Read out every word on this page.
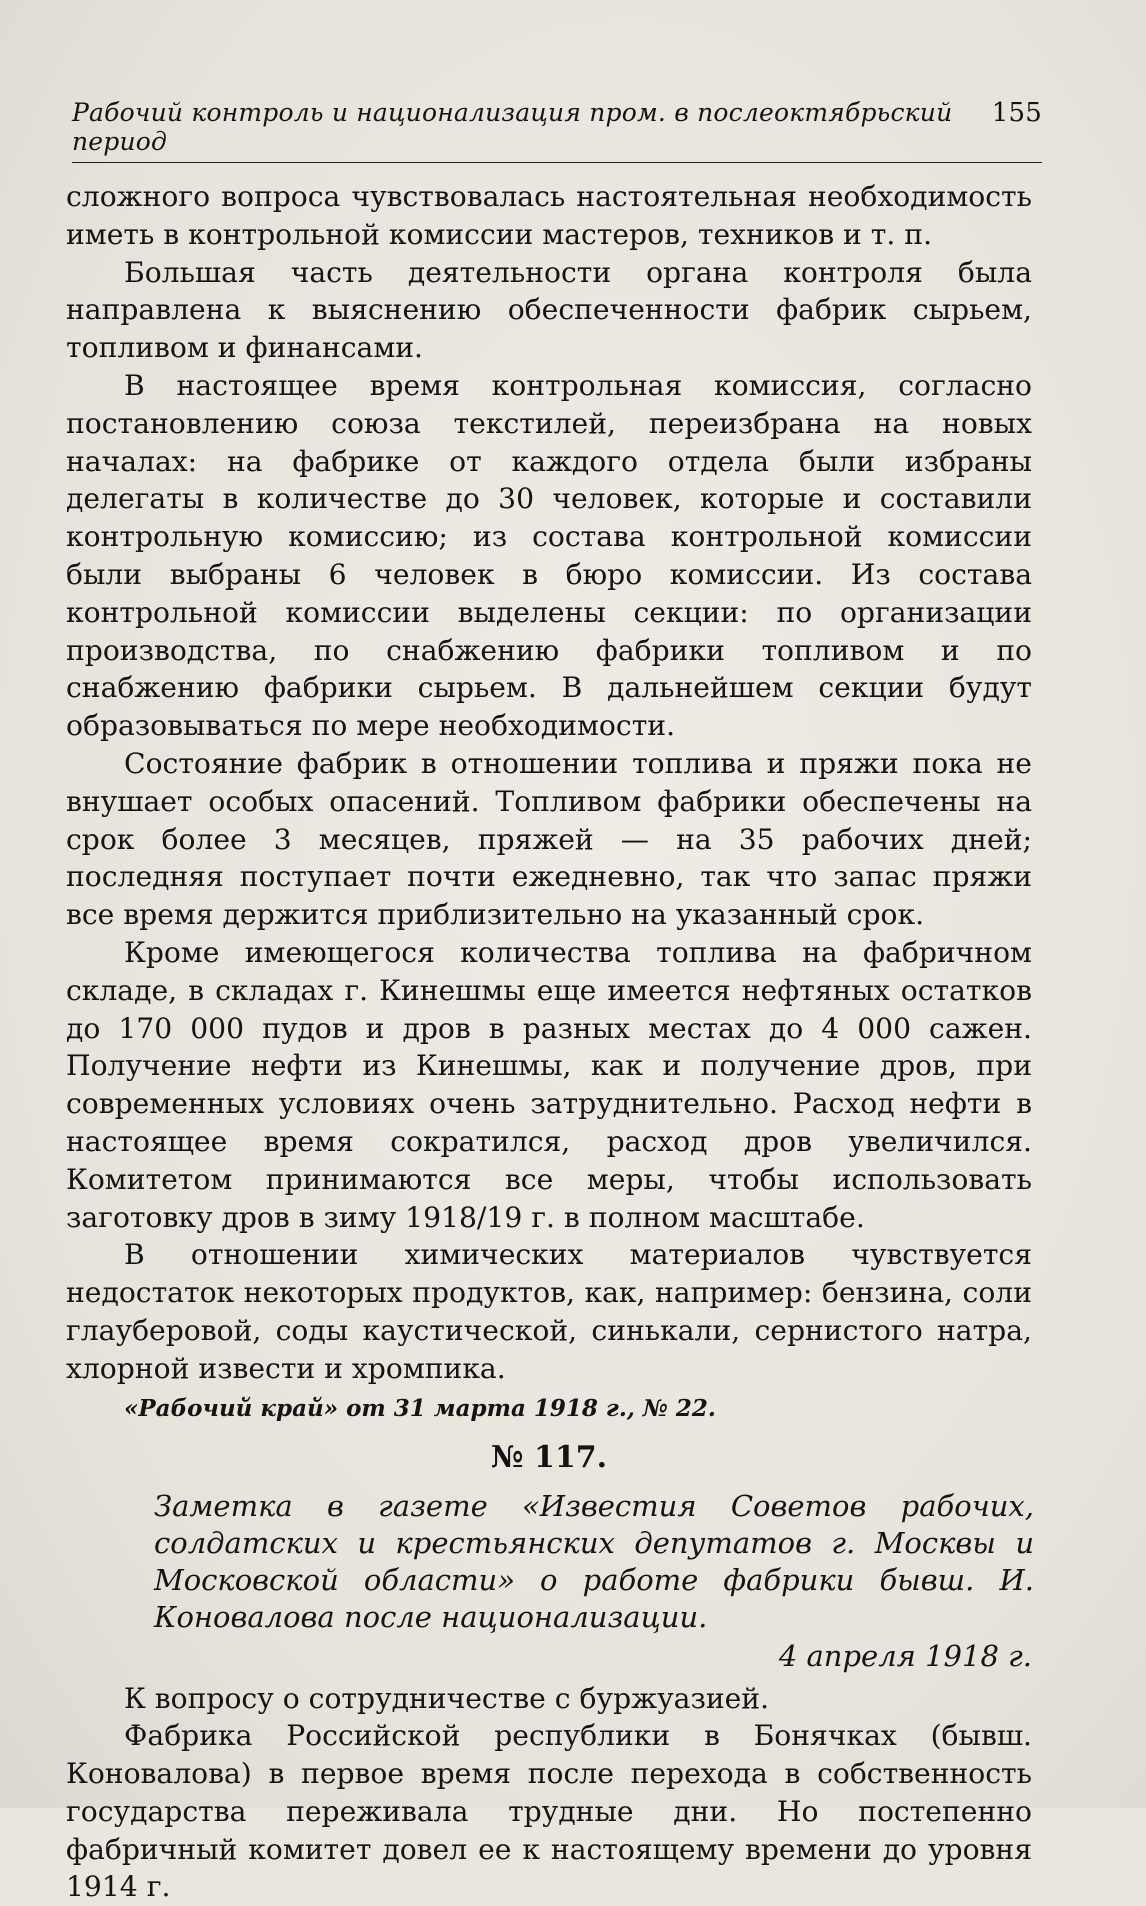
Рабочий контроль и национализация пром. в послеоктябрьский период
155

сложного вопроса чувствовалась настоятельная необходимость иметь в контрольной комиссии мастеров, техников и т. п.

Большая часть деятельности органа контроля была направлена к выяснению обеспеченности фабрик сырьем, топливом и финансами.

В настоящее время контрольная комиссия, согласно постановлению союза текстилей, переизбрана на новых началах: на фабрике от каждого отдела были избраны делегаты в количестве до 30 человек, которые и составили контрольную комиссию; из состава контрольной комиссии были выбраны 6 человек в бюро комиссии. Из состава контрольной комиссии выделены секции: по организации производства, по снабжению фабрики топливом и по снабжению фабрики сырьем. В дальнейшем секции будут образовываться по мере необходимости.

Состояние фабрик в отношении топлива и пряжи пока не внушает особых опасений. Топливом фабрики обеспечены на срок более 3 месяцев, пряжей — на 35 рабочих дней; последняя поступает почти ежедневно, так что запас пряжи все время держится приблизительно на указанный срок.

Кроме имеющегося количества топлива на фабричном складе, в складах г. Кинешмы еще имеется нефтяных остатков до 170 000 пудов и дров в разных местах до 4 000 сажен. Получение нефти из Кинешмы, как и получение дров, при современных условиях очень затруднительно. Расход нефти в настоящее время сократился, расход дров увеличился. Комитетом принимаются все меры, чтобы использовать заготовку дров в зиму 1918/19 г. в полном масштабе.

В отношении химических материалов чувствуется недостаток некоторых продуктов, как, например: бензина, соли глауберовой, соды каустической, синькали, сернистого натра, хлорной извести и хромпика.

«Рабочий край» от 31 марта 1918 г., № 22.
№ 117.
Заметка в газете «Известия Советов рабочих, солдатских и крестьянских депутатов г. Москвы и Московской области» о работе фабрики бывш. И. Коновалова после национализации.
4 апреля 1918 г.

К вопросу о сотрудничестве с буржуазией.

Фабрика Российской республики в Бонячках (бывш. Коновалова) в первое время после перехода в собственность государства переживала трудные дни. Но постепенно фабричный комитет довел ее к настоящему времени до уровня 1914 г.
